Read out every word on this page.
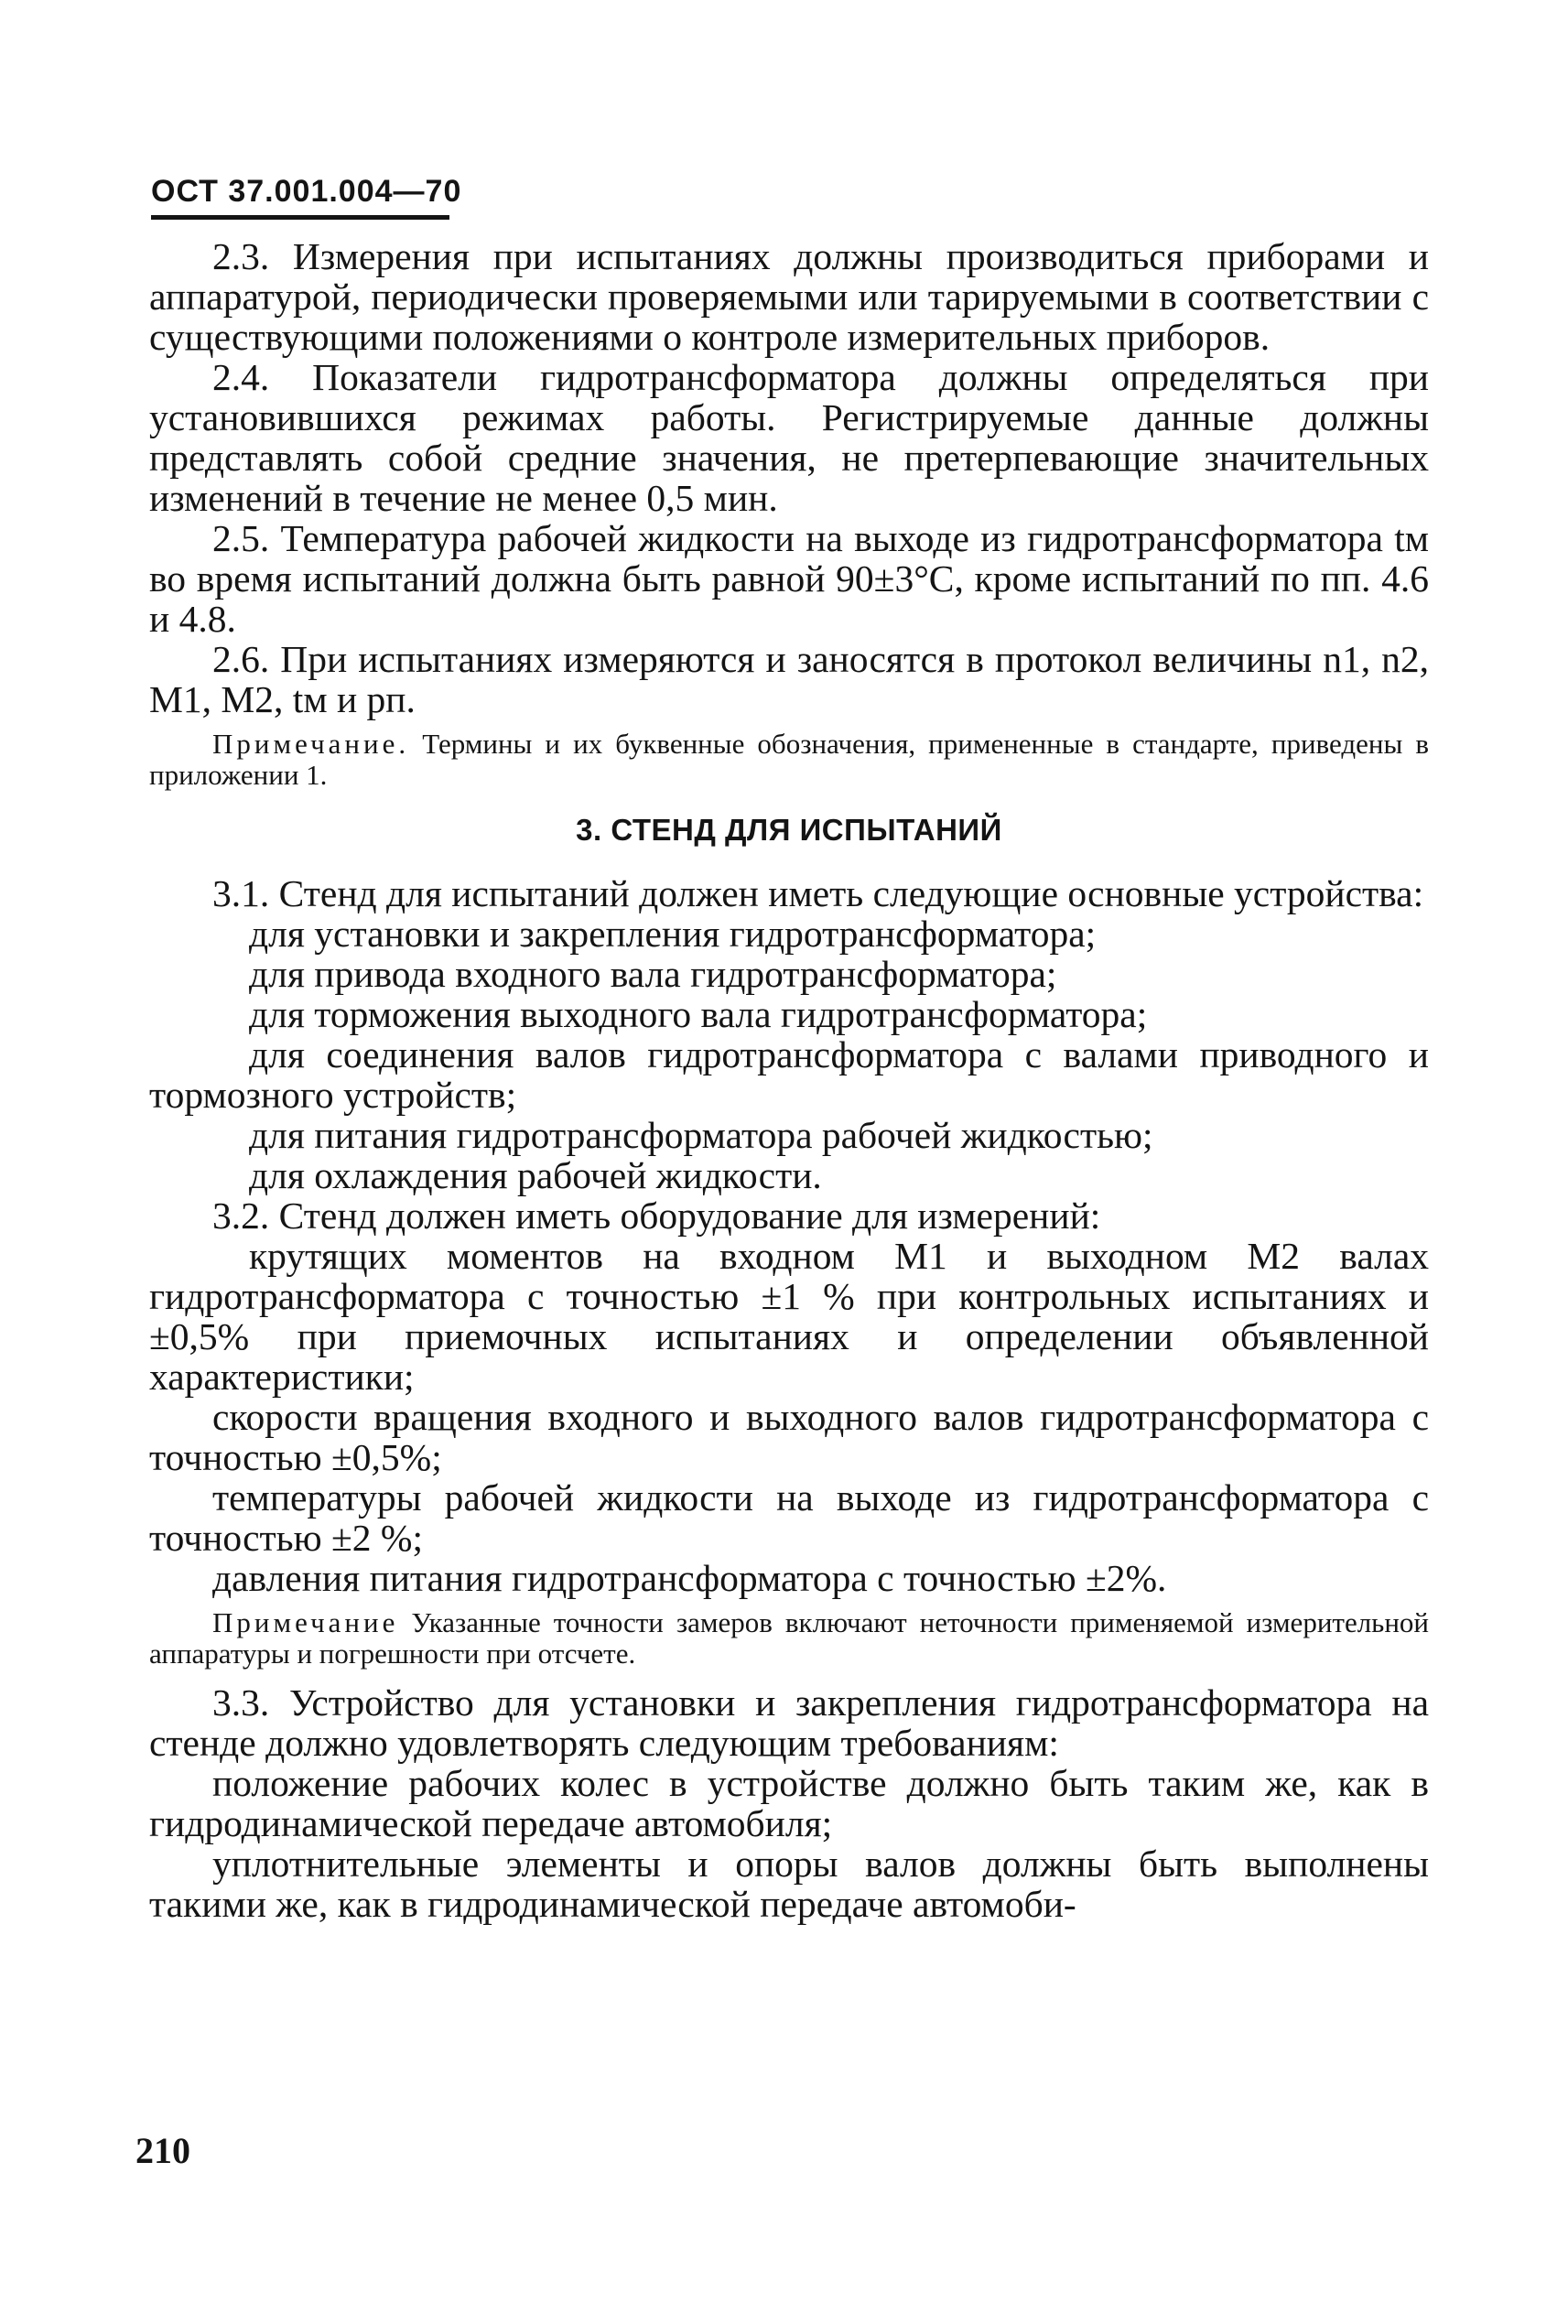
ОСТ 37.001.004—70

2.3. Измерения при испытаниях должны производиться приборами и аппаратурой, периодически проверяемыми или тарируемыми в соответствии с существующими положениями о контроле измерительных приборов.

2.4. Показатели гидротрансформатора должны определяться при установившихся режимах работы. Регистрируемые данные должны представлять собой средние значения, не претерпевающие значительных изменений в течение не менее 0,5 мин.

2.5. Температура рабочей жидкости на выходе из гидротрансформатора tм во время испытаний должна быть равной 90±3°С, кроме испытаний по пп. 4.6 и 4.8.

2.6. При испытаниях измеряются и заносятся в протокол величины n1, n2, M1, M2, tм и pп.

Примечание. Термины и их буквенные обозначения, примененные в стандарте, приведены в приложении 1.

3. СТЕНД ДЛЯ ИСПЫТАНИЙ

3.1. Стенд для испытаний должен иметь следующие основные устройства:

для установки и закрепления гидротрансформатора;

для привода входного вала гидротрансформатора;

для торможения выходного вала гидротрансформатора;

для соединения валов гидротрансформатора с валами приводного и тормозного устройств;

для питания гидротрансформатора рабочей жидкостью;

для охлаждения рабочей жидкости.

3.2. Стенд должен иметь оборудование для измерений:

крутящих моментов на входном M1 и выходном M2 валах гидротрансформатора с точностью ±1 % при контрольных испытаниях и ±0,5% при приемочных испытаниях и определении объявленной характеристики;

скорости вращения входного и выходного валов гидротрансформатора с точностью ±0,5%;

температуры рабочей жидкости на выходе из гидротрансформатора с точностью ±2 %;

давления питания гидротрансформатора с точностью ±2%.

Примечание Указанные точности замеров включают неточности применяемой измерительной аппаратуры и погрешности при отсчете.

3.3. Устройство для установки и закрепления гидротрансформатора на стенде должно удовлетворять следующим требованиям:

положение рабочих колес в устройстве должно быть таким же, как в гидродинамической передаче автомобиля;

уплотнительные элементы и опоры валов должны быть выполнены такими же, как в гидродинамической передаче автомоби-

210
